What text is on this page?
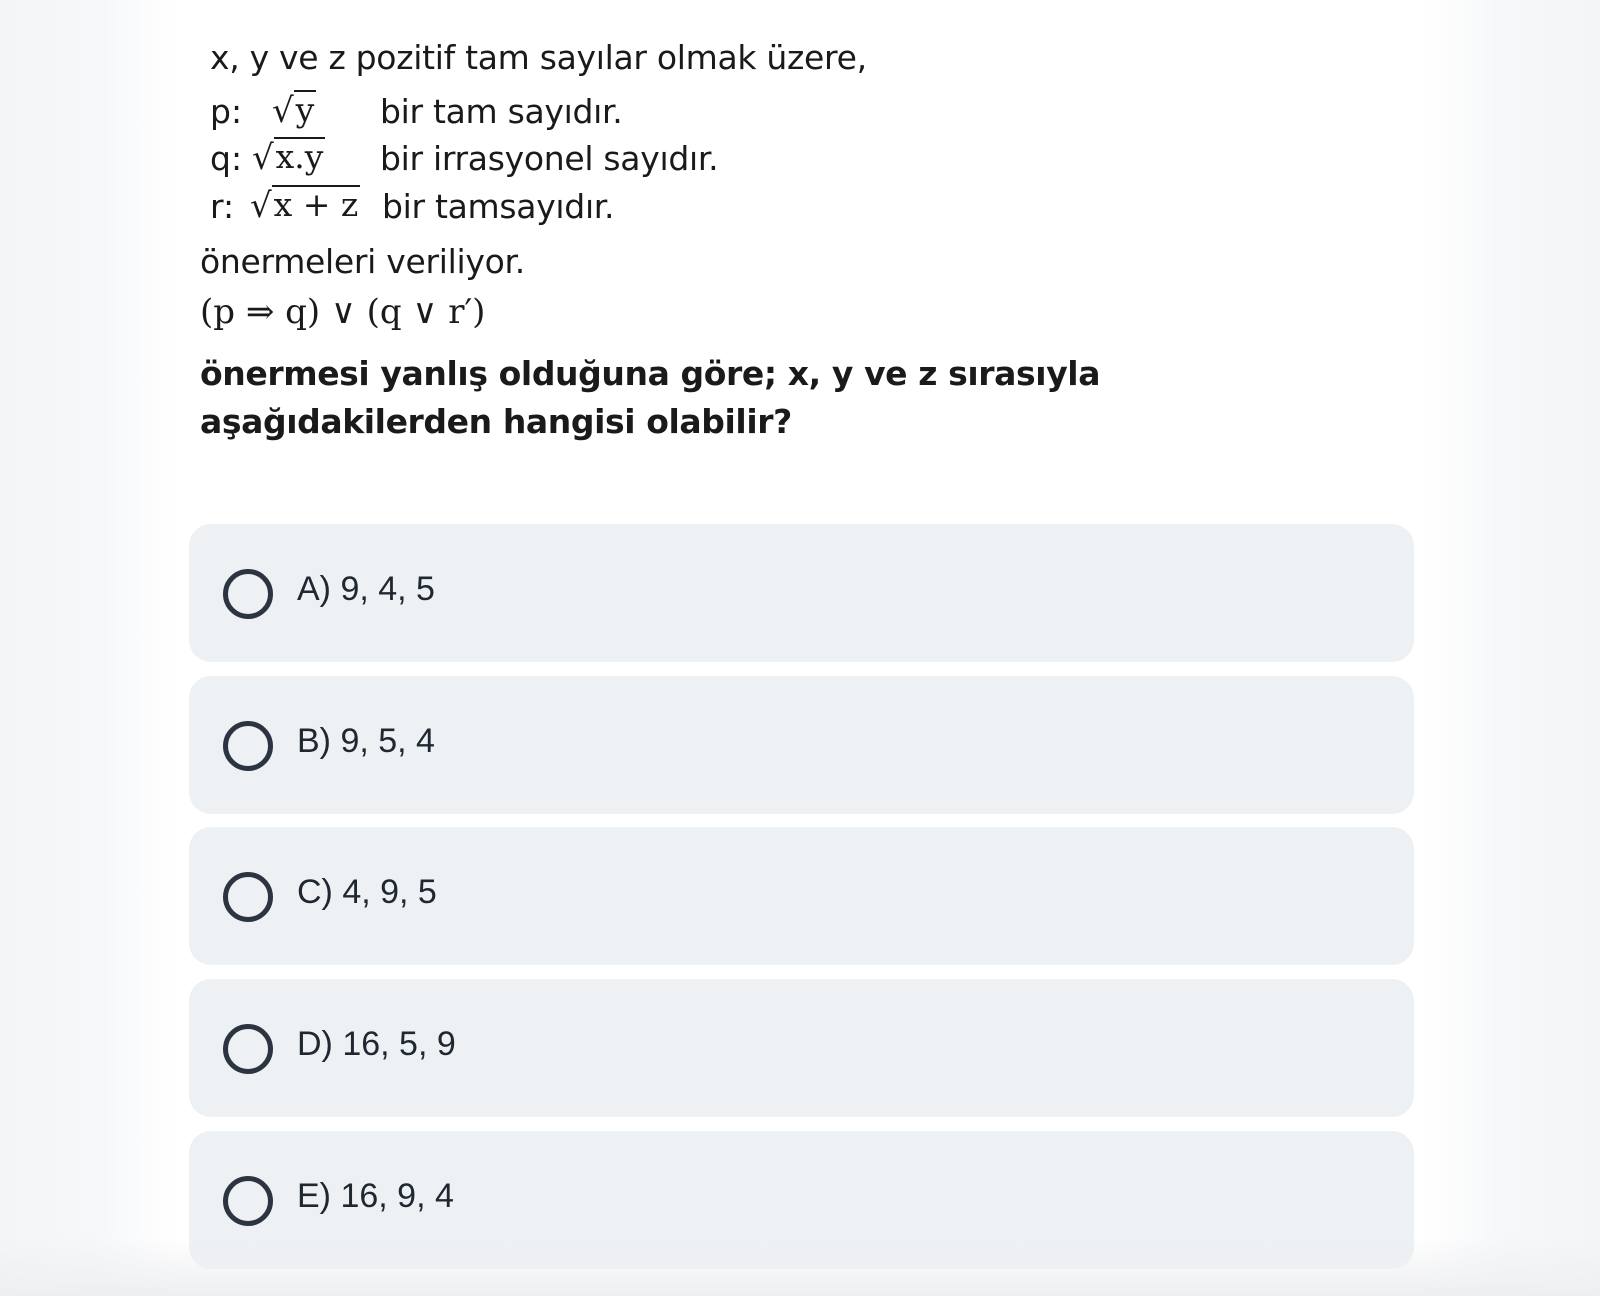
x, y ve z pozitif tam sayılar olmak üzere,
p: √ y bir tam sayıdır.
q: √ x.y bir irrasyonel sayıdır.
r: √ x + z bir tamsayıdır.
önermeleri veriliyor.
(p ⇒ q) ∨ (q ∨ r′)
önermesi yanlış olduğuna göre; x, y ve z sırasıyla aşağıdakilerden hangisi olabilir?
A) 9, 4, 5
B) 9, 5, 4
C) 4, 9, 5
D) 16, 5, 9
E) 16, 9, 4
